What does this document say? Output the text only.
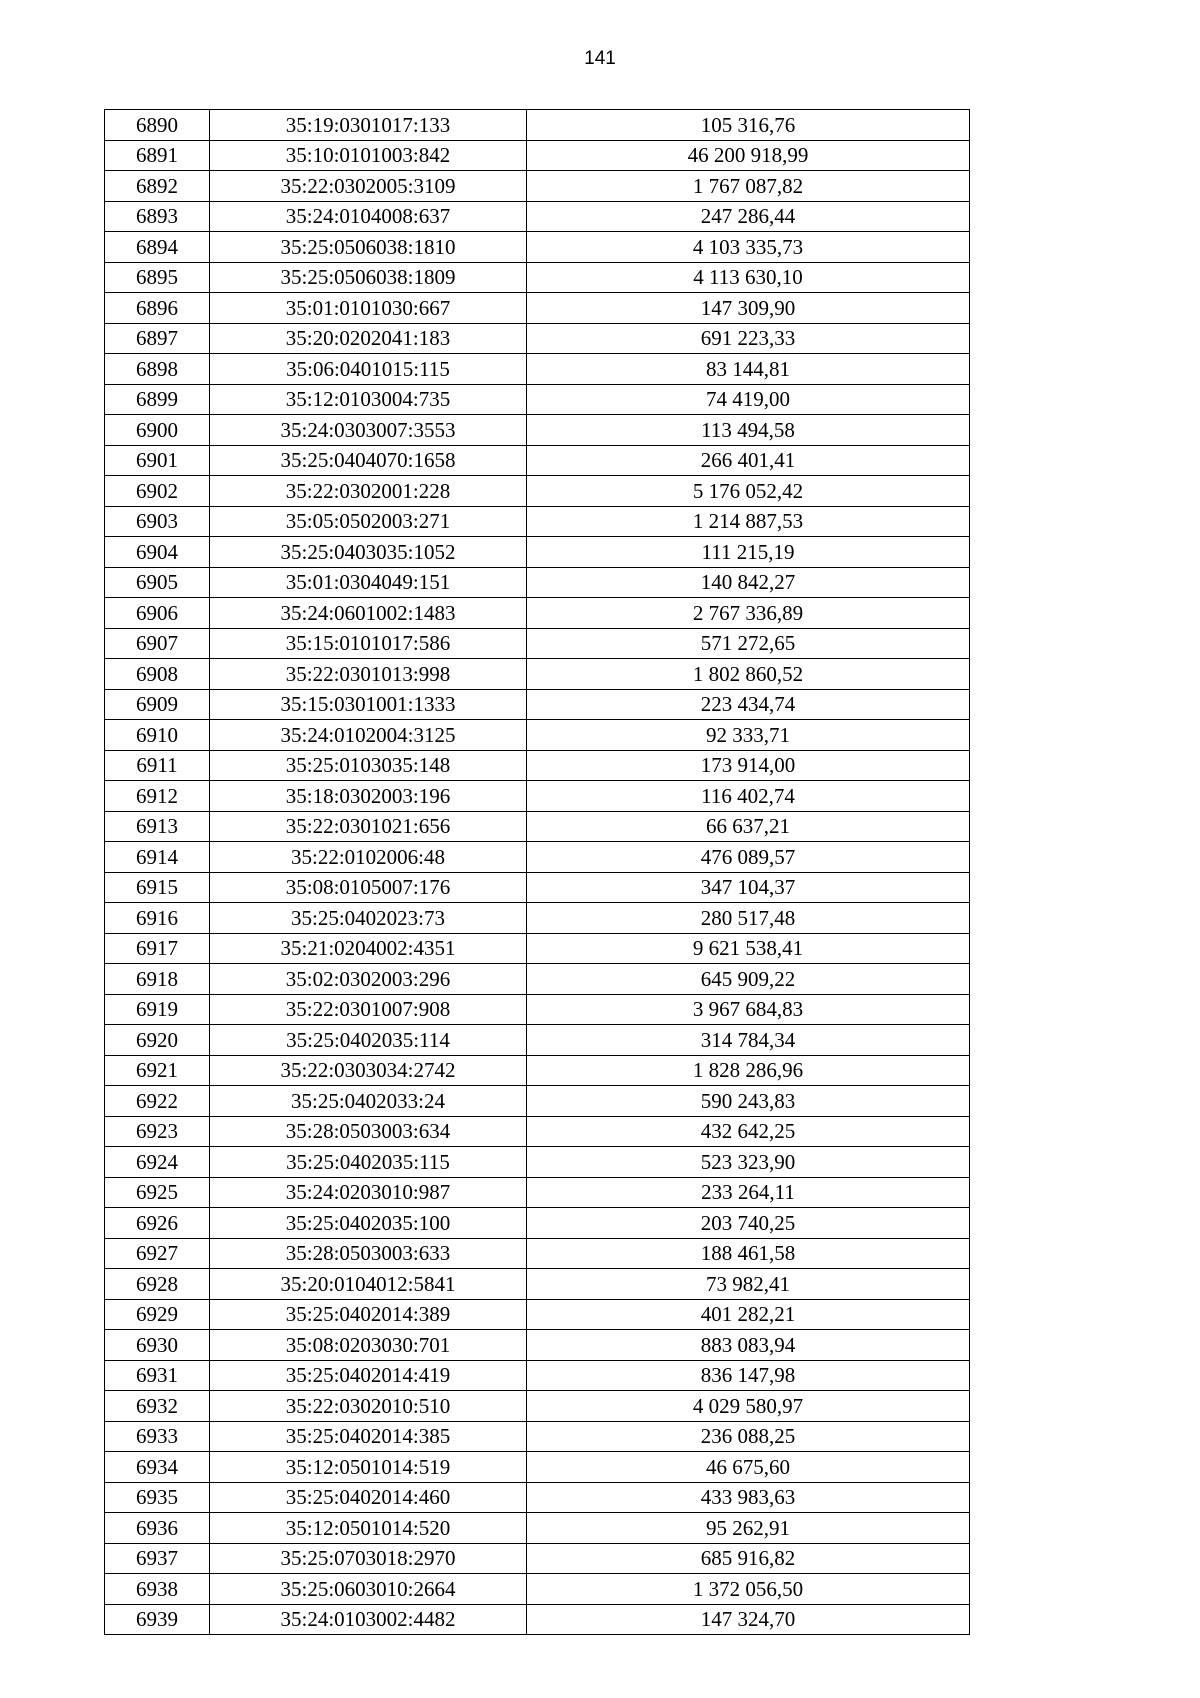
141
6890	35:19:0301017:133	105 316,76
6891	35:10:0101003:842	46 200 918,99
6892	35:22:0302005:3109	1 767 087,82
6893	35:24:0104008:637	247 286,44
6894	35:25:0506038:1810	4 103 335,73
6895	35:25:0506038:1809	4 113 630,10
6896	35:01:0101030:667	147 309,90
6897	35:20:0202041:183	691 223,33
6898	35:06:0401015:115	83 144,81
6899	35:12:0103004:735	74 419,00
6900	35:24:0303007:3553	113 494,58
6901	35:25:0404070:1658	266 401,41
6902	35:22:0302001:228	5 176 052,42
6903	35:05:0502003:271	1 214 887,53
6904	35:25:0403035:1052	111 215,19
6905	35:01:0304049:151	140 842,27
6906	35:24:0601002:1483	2 767 336,89
6907	35:15:0101017:586	571 272,65
6908	35:22:0301013:998	1 802 860,52
6909	35:15:0301001:1333	223 434,74
6910	35:24:0102004:3125	92 333,71
6911	35:25:0103035:148	173 914,00
6912	35:18:0302003:196	116 402,74
6913	35:22:0301021:656	66 637,21
6914	35:22:0102006:48	476 089,57
6915	35:08:0105007:176	347 104,37
6916	35:25:0402023:73	280 517,48
6917	35:21:0204002:4351	9 621 538,41
6918	35:02:0302003:296	645 909,22
6919	35:22:0301007:908	3 967 684,83
6920	35:25:0402035:114	314 784,34
6921	35:22:0303034:2742	1 828 286,96
6922	35:25:0402033:24	590 243,83
6923	35:28:0503003:634	432 642,25
6924	35:25:0402035:115	523 323,90
6925	35:24:0203010:987	233 264,11
6926	35:25:0402035:100	203 740,25
6927	35:28:0503003:633	188 461,58
6928	35:20:0104012:5841	73 982,41
6929	35:25:0402014:389	401 282,21
6930	35:08:0203030:701	883 083,94
6931	35:25:0402014:419	836 147,98
6932	35:22:0302010:510	4 029 580,97
6933	35:25:0402014:385	236 088,25
6934	35:12:0501014:519	46 675,60
6935	35:25:0402014:460	433 983,63
6936	35:12:0501014:520	95 262,91
6937	35:25:0703018:2970	685 916,82
6938	35:25:0603010:2664	1 372 056,50
6939	35:24:0103002:4482	147 324,70
